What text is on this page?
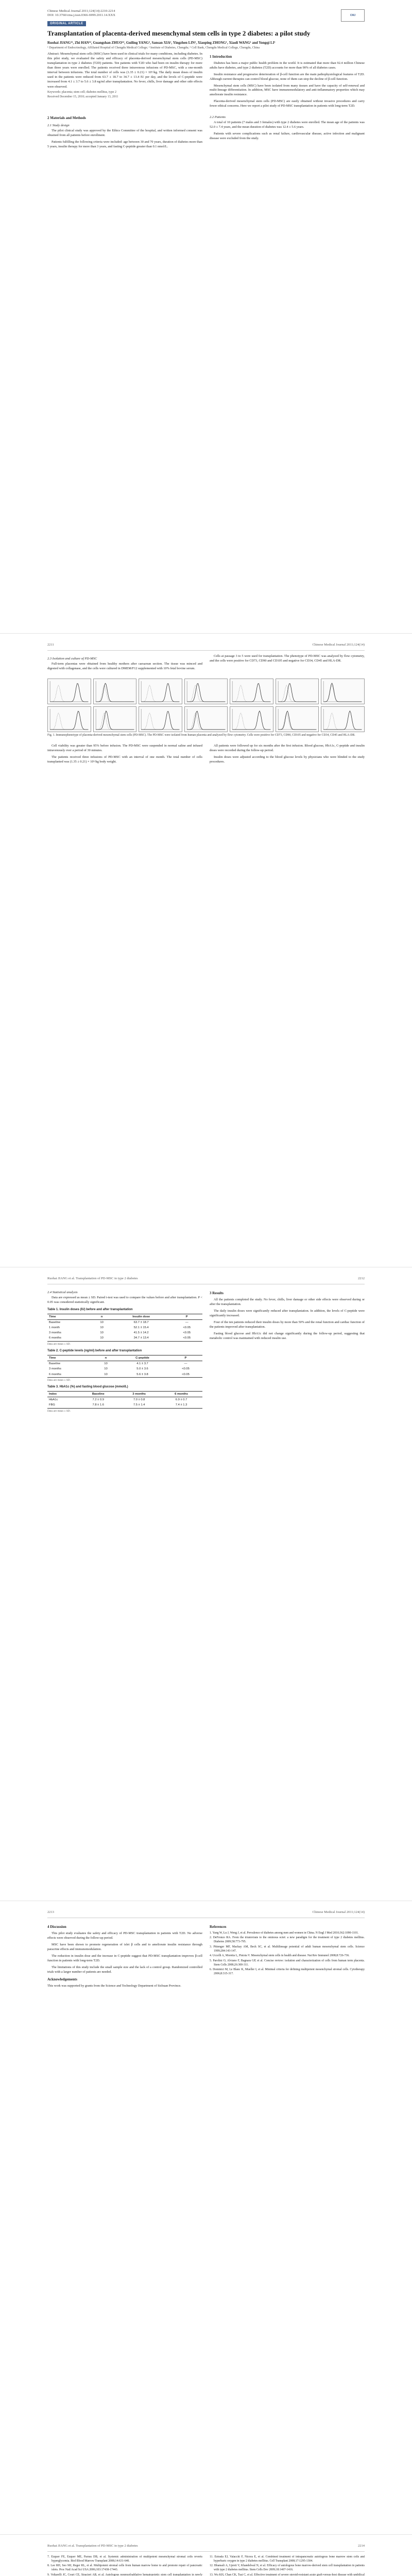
Chinese Medical Journal 2011;124(14):2210-2214
DOI: 10.3760/cma.j.issn.0366-6999.2011.14.XXX	CMJ
ORIGINAL ARTICLE
Transplantation of placenta-derived mesenchymal stem cells in type 2 diabetes: a pilot study
Ruohai JIANG¹², Zhi HAN¹², Guangshan ZHUO¹², Guiling YANG³, Sansan XIA¹, Yingzhen LIN², Xiaoping ZHONG¹, Xiaoli WANG¹ and Yongqi LI¹
¹ Department of Endocrinology, Affiliated Hospital of Chengdu Medical College; ² Institute of Diabetes, Chengdu; ³ Cell Bank, Chengdu Medical College, Chengdu, China
Abstract: Mesenchymal stem cells (MSC) have been used in clinical trials for many conditions, including diabetes. In this pilot study, we evaluated the safety and efficacy of placenta-derived mesenchymal stem cells (PD-MSC) transplantation in type 2 diabetes (T2D) patients. Ten patients with T2D who had been on insulin therapy for more than three years were enrolled. The patients received three intravenous infusions of PD-MSC, with a one-month interval between infusions. The total number of cells was (1.35 ± 0.21) × 10⁶/kg. The daily mean doses of insulin used in the patients were reduced from 63.7 ± 18.7 to 34.7 ± 13.4 IU per day, and the levels of C-peptide were increased from 4.1 ± 3.7 to 5.6 ± 3.8 ng/ml after transplantation. No fever, chills, liver damage and other side effects were observed.
Keywords: placenta; stem cell; diabetes mellitus, type 2
Received December 15, 2010; accepted January 13, 2011
1 Introduction

Diabetes has been a major public health problem in the world. It is estimated that more than 92.4 million Chinese adults have diabetes, and type 2 diabetes (T2D) accounts for more than 90% of all diabetes cases.

Insulin resistance and progressive deterioration of β-cell function are the main pathophysiological features of T2D. Although current therapies can control blood glucose, none of them can stop the decline of β-cell function.

Mesenchymal stem cells (MSC) have been isolated from many tissues and have the capacity of self-renewal and multi-lineage differentiation. In addition, MSC have immunomodulatory and anti-inflammatory properties which may ameliorate insulin resistance.

Placenta-derived mesenchymal stem cells (PD-MSC) are easily obtained without invasive procedures and carry fewer ethical concerns. Here we report a pilot study of PD-MSC transplantation in patients with long-term T2D.

2 Materials and Methods
2.1 Study design

The pilot clinical study was approved by the Ethics Committee of the hospital, and written informed consent was obtained from all patients before enrollment.

Patients fulfilling the following criteria were included: age between 30 and 70 years, duration of diabetes more than 5 years, insulin therapy for more than 3 years, and fasting C-peptide greater than 0.1 nmol/L.

2.2 Patients

A total of 10 patients (7 males and 3 females) with type 2 diabetes were enrolled. The mean age of the patients was 52.0 ± 7.4 years, and the mean duration of diabetes was 12.4 ± 5.6 years.

Patients with severe complications such as renal failure, cardiovascular disease, active infection and malignant disease were excluded from the study.

2211	Chinese Medical Journal 2011;124(14)
2.3 Isolation and culture of PD-MSC

Full-term placentas were obtained from healthy mothers after caesarean section. The tissue was minced and digested with collagenase, and the cells were cultured in DMEM/F12 supplemented with 10% fetal bovine serum.

Cells at passage 3 to 5 were used for transplantation. The phenotype of PD-MSC was analyzed by flow cytometry, and the cells were positive for CD73, CD90 and CD105 and negative for CD34, CD45 and HLA-DR.

Fig. 1. Immunophenotype of placenta-derived mesenchymal stem cells (PD-MSC). The PD-MSC were isolated from human placenta and analyzed by flow cytometry. Cells were positive for CD73, CD90, CD105 and negative for CD34, CD45 and HLA-DR.

Cell viability was greater than 95% before infusion. The PD-MSC were suspended in normal saline and infused intravenously over a period of 30 minutes.

The patients received three infusions of PD-MSC with an interval of one month. The total number of cells transplanted was (1.35 ± 0.21) × 10⁶/kg body weight.

All patients were followed up for six months after the first infusion. Blood glucose, HbA1c, C-peptide and insulin doses were recorded during the follow-up period.

Insulin doses were adjusted according to the blood glucose levels by physicians who were blinded to the study procedures.

Ruohai JIANG et al. Transplantation of PD-MSC in type 2 diabetes	2212
2.4 Statistical analysis

Data are expressed as mean ± SD. Paired t-test was used to compare the values before and after transplantation. P < 0.05 was considered statistically significant.

Table 1. Insulin doses (IU) before and after transplantation
Time	n	Insulin dose	P
Baseline	10	63.7 ± 18.7	—
1 month	10	52.1 ± 15.4	<0.05
3 months	10	41.5 ± 14.2	<0.05
6 months	10	34.7 ± 13.4	<0.05
Data are mean ± SD.
Table 2. C-peptide levels (ng/ml) before and after transplantation
Time	n	C-peptide	P
Baseline	10	4.1 ± 3.7	—
3 months	10	5.0 ± 3.6	<0.05
6 months	10	5.6 ± 3.8	<0.05
Data are mean ± SD.
Table 3. HbA1c (%) and fasting blood glucose (mmol/L)
Index	Baseline	3 months	6 months
HbA1c	7.2 ± 0.9	7.0 ± 0.8	6.9 ± 0.7
FBG	7.8 ± 1.6	7.5 ± 1.4	7.4 ± 1.3
Data are mean ± SD.
3 Results

All the patients completed the study. No fever, chills, liver damage or other side effects were observed during or after the transplantation.

The daily insulin doses were significantly reduced after transplantation. In addition, the levels of C-peptide were significantly increased.

Four of the ten patients reduced their insulin doses by more than 50% and the renal function and cardiac function of the patients improved after transplantation.

Fasting blood glucose and HbA1c did not change significantly during the follow-up period, suggesting that metabolic control was maintained with reduced insulin use.

2213	Chinese Medical Journal 2011;124(14)
4 Discussion

This pilot study evaluates the safety and efficacy of PD-MSC transplantation in patients with T2D. No adverse effects were observed during the follow-up period.

MSC have been shown to promote regeneration of islet β cells and to ameliorate insulin resistance through paracrine effects and immunomodulation.

The reduction in insulin dose and the increase in C-peptide suggest that PD-MSC transplantation improves β-cell function in patients with long-term T2D.

The limitations of this study include the small sample size and the lack of a control group. Randomized controlled trials with a larger number of patients are needed.

Acknowledgements

This work was supported by grants from the Science and Technology Department of Sichuan Province.

References
1. Yang W, Lu J, Weng J, et al. Prevalence of diabetes among men and women in China. N Engl J Med 2010;362:1090-1101.
2. DeFronzo RA. From the triumvirate to the ominous octet: a new paradigm for the treatment of type 2 diabetes mellitus. Diabetes 2009;58:773-795.
3. Pittenger MF, Mackay AM, Beck SC, et al. Multilineage potential of adult human mesenchymal stem cells. Science 1999;284:143-147.
4. Uccelli A, Moretta L, Pistoia V. Mesenchymal stem cells in health and disease. Nat Rev Immunol 2008;8:726-736.
5. Parolini O, Alviano F, Bagnara GP, et al. Concise review: isolation and characterization of cells from human term placenta. Stem Cells 2008;26:300-311.
6. Dominici M, Le Blanc K, Mueller I, et al. Minimal criteria for defining multipotent mesenchymal stromal cells. Cytotherapy 2006;8:315-317.
Ruohai JIANG et al. Transplantation of PD-MSC in type 2 diabetes	2214
7. Ezquer FE, Ezquer ME, Parrau DB, et al. Systemic administration of multipotent mesenchymal stromal cells reverts hyperglycemia. Biol Blood Marrow Transplant 2008;14:631-640.
8. Lee RH, Seo MJ, Reger RL, et al. Multipotent stromal cells from human marrow home to and promote repair of pancreatic islets. Proc Natl Acad Sci USA 2006;103:17438-17443.
9. Voltarelli JC, Couri CE, Stracieri AB, et al. Autologous nonmyeloablative hematopoietic stem cell transplantation in newly
11. Estrada EJ, Valacchi F, Nicora E, et al. Combined treatment of intrapancreatic autologous bone marrow stem cells and hyperbaric oxygen in type 2 diabetes mellitus. Cell Transplant 2008;17:1295-1304.
12. Bhansali A, Upreti V, Khandelwal N, et al. Efficacy of autologous bone marrow-derived stem cell transplantation in patients with type 2 diabetes mellitus. Stem Cells Dev 2009;18:1407-1416.
13. Wu KH, Chan CK, Tsai C, et al. Effective treatment of severe steroid-resistant acute graft-versus-host disease with umbilical
